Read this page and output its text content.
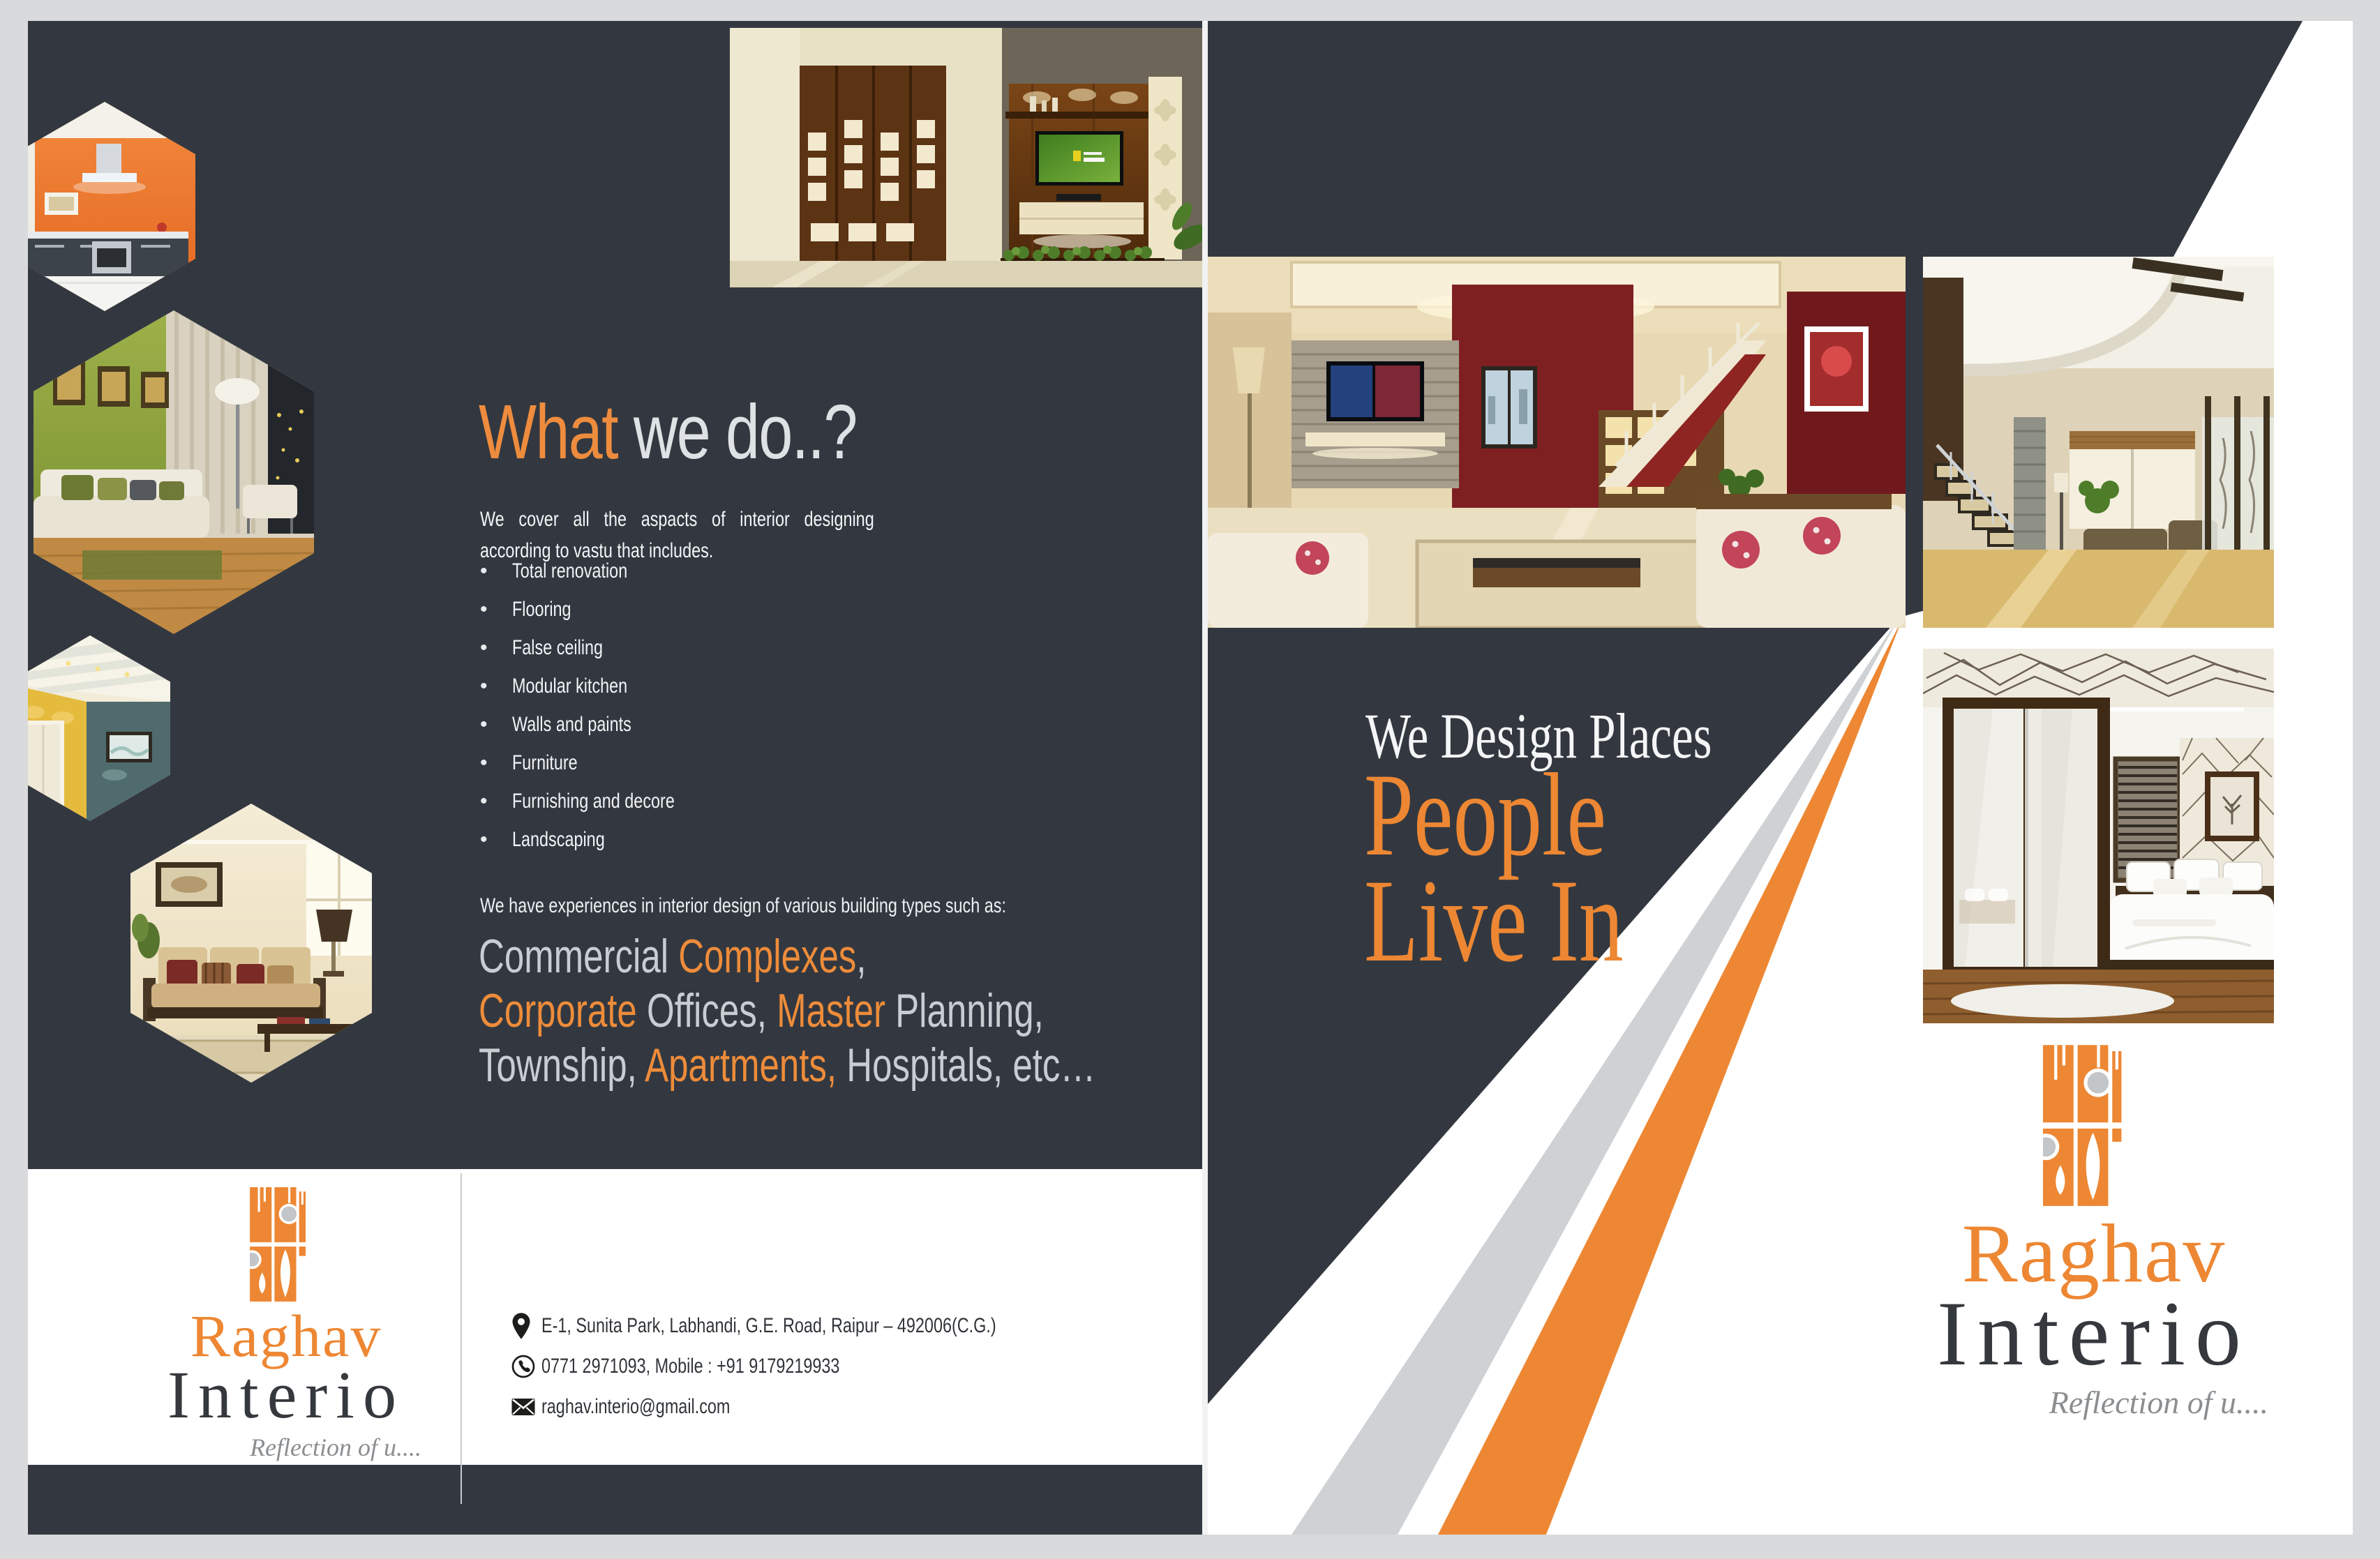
What we do..?
We cover all the aspacts of interior designing according to vastu that includes.
•	Total renovation
•	Flooring
•	False ceiling
•	Modular kitchen
•	Walls and paints
•	Furniture
•	Furnishing and decore
•	Landscaping
We have experiences in interior design of various building types such as:
Commercial Complexes,
Corporate Offices, Master Planning,
Township, Apartments, Hospitals, etc…
Raghav
Interio
Reflection of u....
E-1, Sunita Park, Labhandi, G.E. Road, Raipur – 492006(C.G.)
0771 2971093, Mobile : +91 9179219933
raghav.interio@gmail.com
We Design Places
People
Live In
Raghav
Interio
Reflection of u....
